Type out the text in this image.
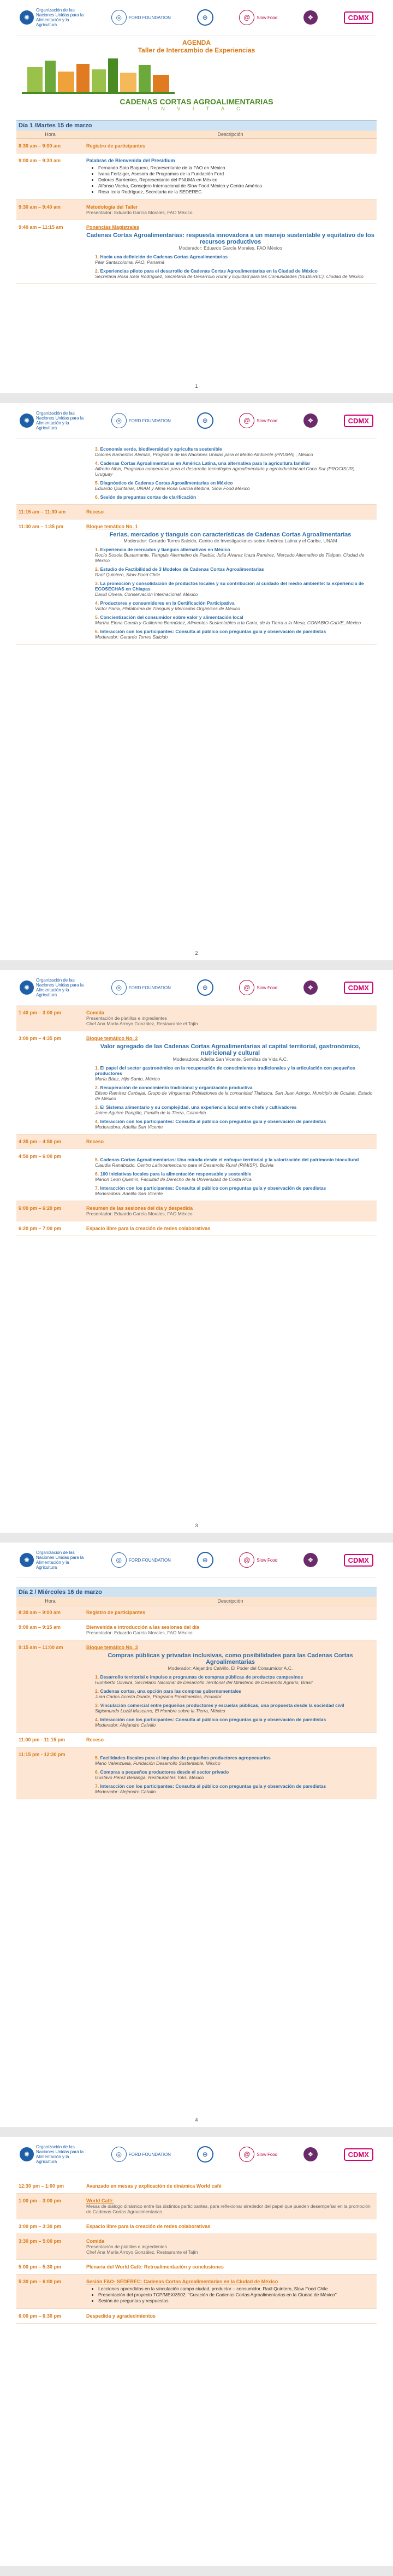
✺
Organización de las Naciones Unidas para la Alimentación y la Agricultura
◎	FORD FOUNDATION	⊕	@	Slow Food	❖	CDMX
AGENDA
Taller de Intercambio de Experiencias
CADENAS CORTAS AGROALIMENTARIAS
I N V I T A C
Día 1 /Martes 15 de marzo
Hora	Descripción
8:30 am – 9:00 am	Registro de participantes
9:00 am – 9:30 am	Palabras de Bienvenida del Presídium
• Fernando Soto Baquero, Representante de la FAO en México
• Ivana Fertziger, Asesora de Programas de la Fundación Ford
• Dolores Barrientos, Representante del PNUMA en México
• Alfonso Vocha, Consejero Internacional de Slow Food México y Centro América
• Rosa Icela Rodríguez, Secretaria de la SEDEREC
9:30 am – 9:40 am	Metodología del Taller
Presentador: Eduardo García Morales, FAO México
9:40 am – 11:15 am	Ponencias Magistrales
Cadenas Cortas Agroalimentarias: respuesta innovadora a un manejo sustentable y equitativo de los recursos productivos
Moderador: Eduardo García Morales, FAO México
1. Hacia una definición de Cadenas Cortas Agroalimentarias
Pilar Santacoloma, FAO, Panamá
2. Experiencias piloto para el desarrollo de Cadenas Cortas Agroalimentarias en la Ciudad de México
Secretaria Rosa Icela Rodríguez, Secretaría de Desarrollo Rural y Equidad para las Comunidades (SEDEREC), Ciudad de México
1
✺
Organización de las Naciones Unidas para la Alimentación y la Agricultura
◎	FORD FOUNDATION	⊕	@	Slow Food	❖	CDMX
3. Economía verde, biodiversidad y agricultura sostenible
Dolores Barrientos Alemán, Programa de las Naciones Unidas para el Medio Ambiente (PNUMA) , México
4. Cadenas Cortas Agroalimentarias en América Latina, una alternativa para la agricultura familiar
Alfredo Albin, Programa cooperativo para el desarrollo tecnológico agroalimentario y agroindustrial del Cono Sur (PROCISUR), Uruguay
5. Diagnóstico de Cadenas Cortas Agroalimentarias en México
Eduardo Quintanar, UNAM y Alma Rosa García Medina, Slow Food México
6. Sesión de preguntas cortas de clarificación
11:15 am – 11:30 am	Receso
11:30 am – 1:35 pm	Bloque temático No. 1
Ferias, mercados y tianguis con características de Cadenas Cortas Agroalimentarias
Moderador: Gerardo Torres Salcido, Centro de Investigaciones sobre América Latina y el Caribe, UNAM
1. Experiencia de mercados y tianguis alternativos en México
Rocío Sosola Bustamante, Tianguis Alternativo de Puebla; Julia Álvarez Icaza Ramírez, Mercado Alternativo de Tlalpan, Ciudad de México
2. Estudio de Factibilidad de 3 Modelos de Cadenas Cortas Agroalimentarias
Raúl Quintero, Slow Food Chile
3. La promoción y consolidación de productos locales y su contribución al cuidado del medio ambiente: la experiencia de ECOSECHAS en Chiapas
David Olvera, Conservación Internacional, México
4. Productores y consumidores en la Certificación Participativa
Víctor Parra, Plataforma de Tianguis y Mercados Orgánicos de México
5. Concientización del consumidor sobre valor y alimentación local
Martha Elena García y Guillermo Bermúdez, Alimentos Sustentables a la Carta, de la Tierra a la Mesa, CONABIO-CatVE, México
6. Interacción con los participantes: Consulta al público con preguntas guía y observación de paredistas
Moderador: Gerardo Torres Salcido
2
✺
Organización de las Naciones Unidas para la Alimentación y la Agricultura
◎	FORD FOUNDATION	⊕	@	Slow Food	❖	CDMX
1:40 pm – 3:00 pm	Comida
Presentación de platillos e ingredientes
Chef Ana María Arroyo González, Restaurante el Tajín
3:00 pm – 4:35 pm	Bloque temático No. 2
Valor agregado de las Cadenas Cortas Agroalimentarias al capital territorial, gastronómico, nutricional y cultural
Moderadora: Adelita San Vicente, Semillas de Vida A.C.
1. El papel del sector gastronómico en la recuperación de conocimientos tradicionales y la articulación con pequeños productores
María Báez, Hijo Santo, México
2. Recuperación de conocimiento tradicional y organización productiva
Eliseo Ramírez Carbajal, Grupo de Vinguerras Poblaciones de la comunidad Tlaltuxca, San Juan Acingo, Municipio de Ocuilan, Estado de México
3. El Sistema alimentario y su complejidad, una experiencia local entre chefs y cultivadores
Jaime Aguirre Rangillo, Familia de la Tierra, Colombia
4. Interacción con los participantes: Consulta al público con preguntas guía y observación de paredistas
Moderadora: Adelita San Vicente
4:35 pm – 4:50 pm	Receso
4:50 pm – 6:00 pm
5. Cadenas Cortas Agroalimentarias: Una mirada desde el enfoque territorial y la valorización del patrimonio biocultural
Claudia Ranaboldo, Centro Latinoamericano para el Desarrollo Rural (RIMISP), Bolivia
6. 100 iniciativas locales para la alimentación responsable y sostenible
Marion León Quemin, Facultad de Derecho de la Universidad de Costa Rica
7. Interacción con los participantes: Consulta al público con preguntas guía y observación de paredistas
Moderadora: Adelita San Vicente
6:00 pm – 6:20 pm	Resumen de las sesiones del día y despedida
Presentador: Eduardo García Morales, FAO México
6:20 pm – 7:00 pm	Espacio libre para la creación de redes colaborativas
3
✺
Organización de las Naciones Unidas para la Alimentación y la Agricultura
◎	FORD FOUNDATION	⊕	@	Slow Food	❖	CDMX
Día 2 / Miércoles 16 de marzo
Hora	Descripción
8:30 am – 9:00 am	Registro de participantes
9:00 am – 9:15 am	Bienvenida e introducción a las sesiones del día
Presentador: Eduardo García Morales, FAO México
9:15 am – 11:00 am	Bloque temático No. 3
Compras públicas y privadas inclusivas, como posibilidades para las Cadenas Cortas Agroalimentarias
Moderador: Alejandro Calvillo, El Poder del Consumidor A.C.
1. Desarrollo territorial e impulso a programas de compras públicas de productos campesinos
Humberto Oliveira, Secretario Nacional de Desarrollo Territorial del Ministerio de Desarrollo Agrario, Brasil
2. Cadenas cortas, una opción para las compras gubernamentales
Juan Carlos Acosta Duarte, Programa Proalimentos, Ecuador
3. Vinculación comercial entre pequeños productores y escuelas públicas, una propuesta desde la sociedad civil
Sigismundo Lozál Mascarro, El Hombre sobre la Tierra, México
4. Interacción con los participantes: Consulta al público con preguntas guía y observación de paredistas
Moderador: Alejandro Calvillo
11:00 pm - 11:15 pm	Receso
11:15 pm - 12:30 pm
5. Facilidades fiscales para el impulso de pequeños productores agropecuarios
Mario Valenzuela, Fundación Desarrollo Sustentable, México
6. Compras a pequeños productores desde el sector privado
Gustavo Pérez Berlanga, Restaurantes Toks, México
7. Interacción con los participantes: Consulta al público con preguntas guía y observación de paredistas
Moderador: Alejandro Calvillo
4
✺
Organización de las Naciones Unidas para la Alimentación y la Agricultura
◎	FORD FOUNDATION	⊕	@	Slow Food	❖	CDMX
12:30 pm – 1:00 pm	Avanzado en mesas y explicación de dinámica World café
1:00 pm – 3:00 pm	World Café:
Mesas de diálogo dinámico entre los distintos participantes, para reflexionar alrededor del papel que pueden desempeñar en la promoción de Cadenas Cortas Agroalimentarias.
3:00 pm – 3:30 pm	Espacio libre para la creación de redes colaborativas
3:30 pm – 5:00 pm	Comida
Presentación de platillos e ingredientes
Chef Ana María Arroyo González, Restaurante el Tajín
5:00 pm – 5:30 pm	Plenaria del World Café: Retroalimentación y conclusiones
5:30 pm – 6:00 pm	Sesión FAO- SEDEREC: Cadenas Cortas Agroalimentarias en la Ciudad de México
• Lecciones aprendidas en la vinculación campo ciudad, productor – consumidor. Raúl Quintero, Slow Food Chile
• Presentación del proyecto TCP/MEX/3502: "Creación de Cadenas Cortas Agroalimentarias en la Ciudad de México"
• Sesión de preguntas y respuestas.
6:00 pm – 6:30 pm	Despedida y agradecimientos
